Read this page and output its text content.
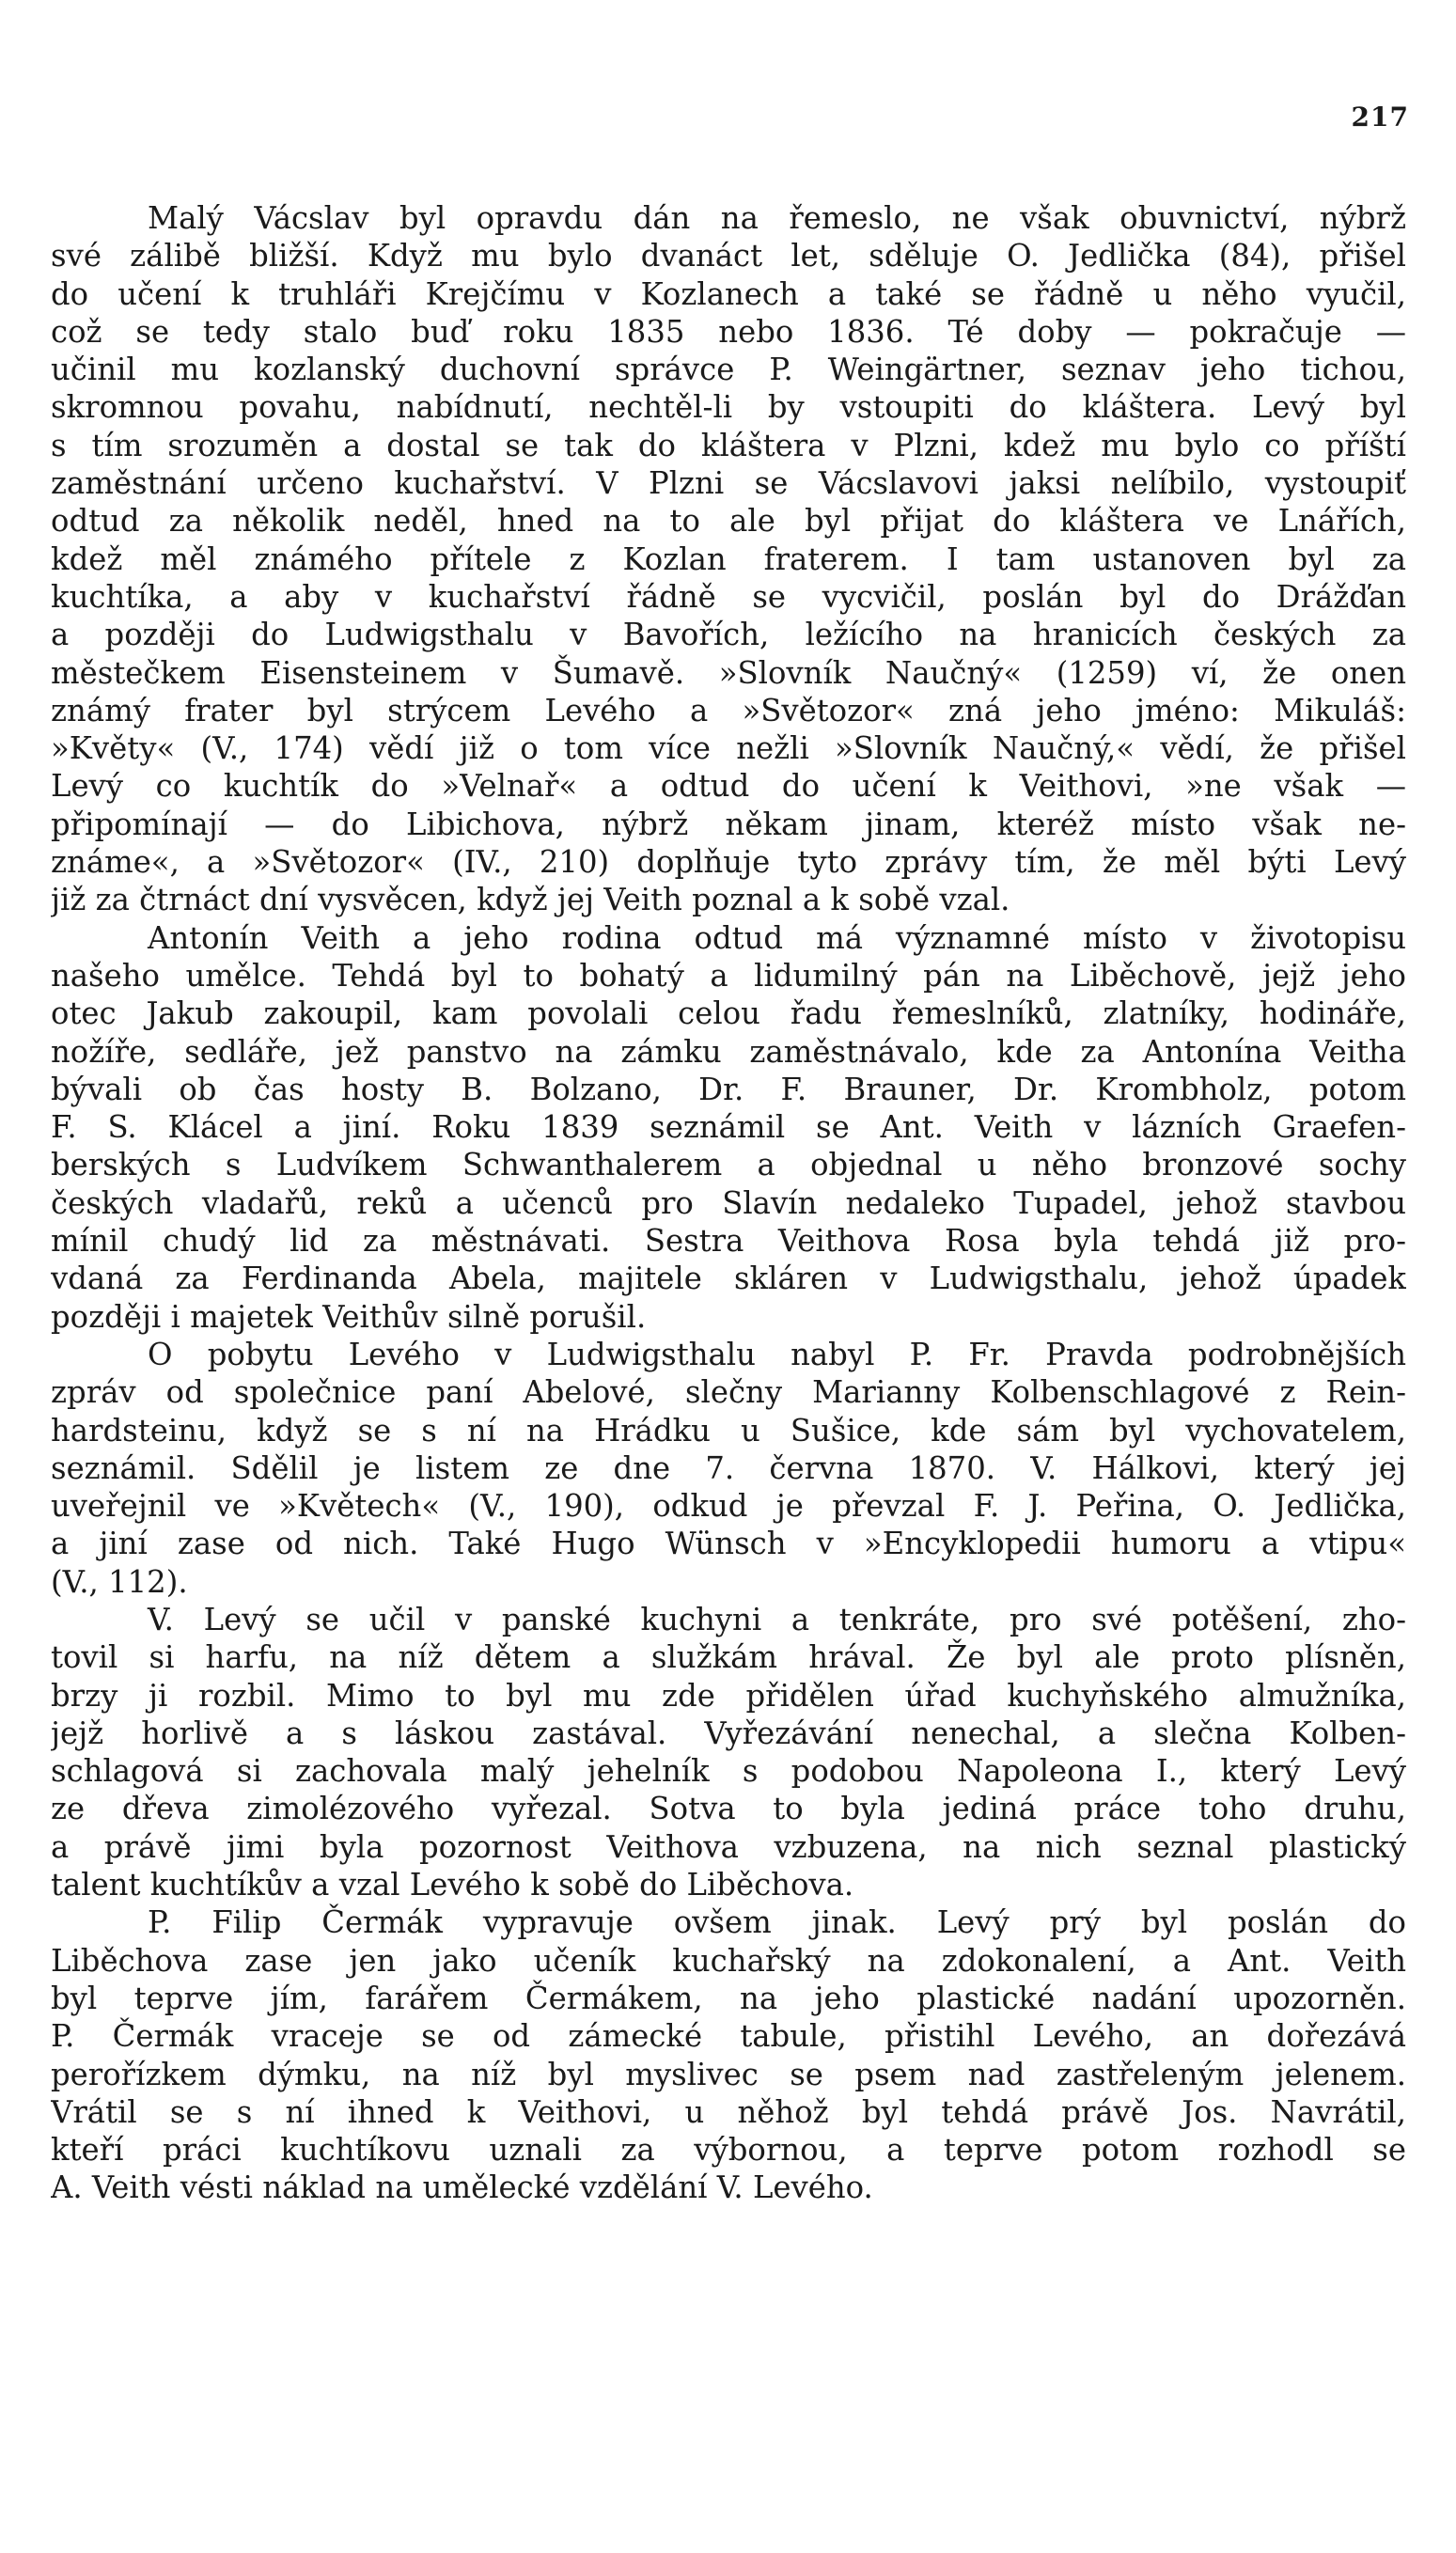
217
Malý Vácslav byl opravdu dán na řemeslo, ne však obuvnictví, nýbrž
své zálibě bližší. Když mu bylo dvanáct let, sděluje O. Jedlička (84), přišel
do učení k truhláři Krejčímu v Kozlanech a také se řádně u něho vyučil,
což se tedy stalo buď roku 1835 nebo 1836. Té doby — pokračuje —
učinil mu kozlanský duchovní správce P. Weingärtner, seznav jeho tichou,
skromnou povahu, nabídnutí, nechtěl-li by vstoupiti do kláštera. Levý byl
s tím srozuměn a dostal se tak do kláštera v Plzni, kdež mu bylo co příští
zaměstnání určeno kuchařství. V Plzni se Vácslavovi jaksi nelíbilo, vystoupiť
odtud za několik neděl, hned na to ale byl přijat do kláštera ve Lnářích,
kdež měl známého přítele z Kozlan fraterem. I tam ustanoven byl za
kuchtíka, a aby v kuchařství řádně se vycvičil, poslán byl do Drážďan
a později do Ludwigsthalu v Bavořích, ležícího na hranicích českých za
městečkem Eisensteinem v Šumavě. »Slovník Naučný« (1259) ví, že onen
známý frater byl strýcem Levého a »Světozor« zná jeho jméno: Mikuláš:
»Květy« (V., 174) vědí již o tom více nežli »Slovník Naučný,« vědí, že přišel
Levý co kuchtík do »Velnař« a odtud do učení k Veithovi, »ne však —
připomínají — do Libichova, nýbrž někam jinam, kteréž místo však ne-
známe«, a »Světozor« (IV., 210) doplňuje tyto zprávy tím, že měl býti Levý
již za čtrnáct dní vysvěcen, když jej Veith poznal a k sobě vzal.
Antonín Veith a jeho rodina odtud má významné místo v životopisu
našeho umělce. Tehdá byl to bohatý a lidumilný pán na Liběchově, jejž jeho
otec Jakub zakoupil, kam povolali celou řadu řemeslníků, zlatníky, hodináře,
nožíře, sedláře, jež panstvo na zámku zaměstnávalo, kde za Antonína Veitha
bývali ob čas hosty B. Bolzano, Dr. F. Brauner, Dr. Krombholz, potom
F. S. Klácel a jiní. Roku 1839 seznámil se Ant. Veith v lázních Graefen-
berských s Ludvíkem Schwanthalerem a objednal u něho bronzové sochy
českých vladařů, reků a učenců pro Slavín nedaleko Tupadel, jehož stavbou
mínil chudý lid za městnávati. Sestra Veithova Rosa byla tehdá již pro-
vdaná za Ferdinanda Abela, majitele skláren v Ludwigsthalu, jehož úpadek
později i majetek Veithův silně porušil.
O pobytu Levého v Ludwigsthalu nabyl P. Fr. Pravda podrobnějších
zpráv od společnice paní Abelové, slečny Marianny Kolbenschlagové z Rein-
hardsteinu, když se s ní na Hrádku u Sušice, kde sám byl vychovatelem,
seznámil. Sdělil je listem ze dne 7. června 1870. V. Hálkovi, který jej
uveřejnil ve »Květech« (V., 190), odkud je převzal F. J. Peřina, O. Jedlička,
a jiní zase od nich. Také Hugo Wünsch v »Encyklopedii humoru a vtipu«
(V., 112).
V. Levý se učil v panské kuchyni a tenkráte, pro své potěšení, zho-
tovil si harfu, na níž dětem a služkám hrával. Že byl ale proto plísněn,
brzy ji rozbil. Mimo to byl mu zde přidělen úřad kuchyňského almužníka,
jejž horlivě a s láskou zastával. Vyřezávání nenechal, a slečna Kolben-
schlagová si zachovala malý jehelník s podobou Napoleona I., který Levý
ze dřeva zimolézového vyřezal. Sotva to byla jediná práce toho druhu,
a právě jimi byla pozornost Veithova vzbuzena, na nich seznal plastický
talent kuchtíkův a vzal Levého k sobě do Liběchova.
P. Filip Čermák vypravuje ovšem jinak. Levý prý byl poslán do
Liběchova zase jen jako učeník kuchařský na zdokonalení, a Ant. Veith
byl teprve jím, farářem Čermákem, na jeho plastické nadání upozorněn.
P. Čermák vraceje se od zámecké tabule, přistihl Levého, an dořezává
perořízkem dýmku, na níž byl myslivec se psem nad zastřeleným jelenem.
Vrátil se s ní ihned k Veithovi, u něhož byl tehdá právě Jos. Navrátil,
kteří práci kuchtíkovu uznali za výbornou, a teprve potom rozhodl se
A. Veith vésti náklad na umělecké vzdělání V. Levého.
